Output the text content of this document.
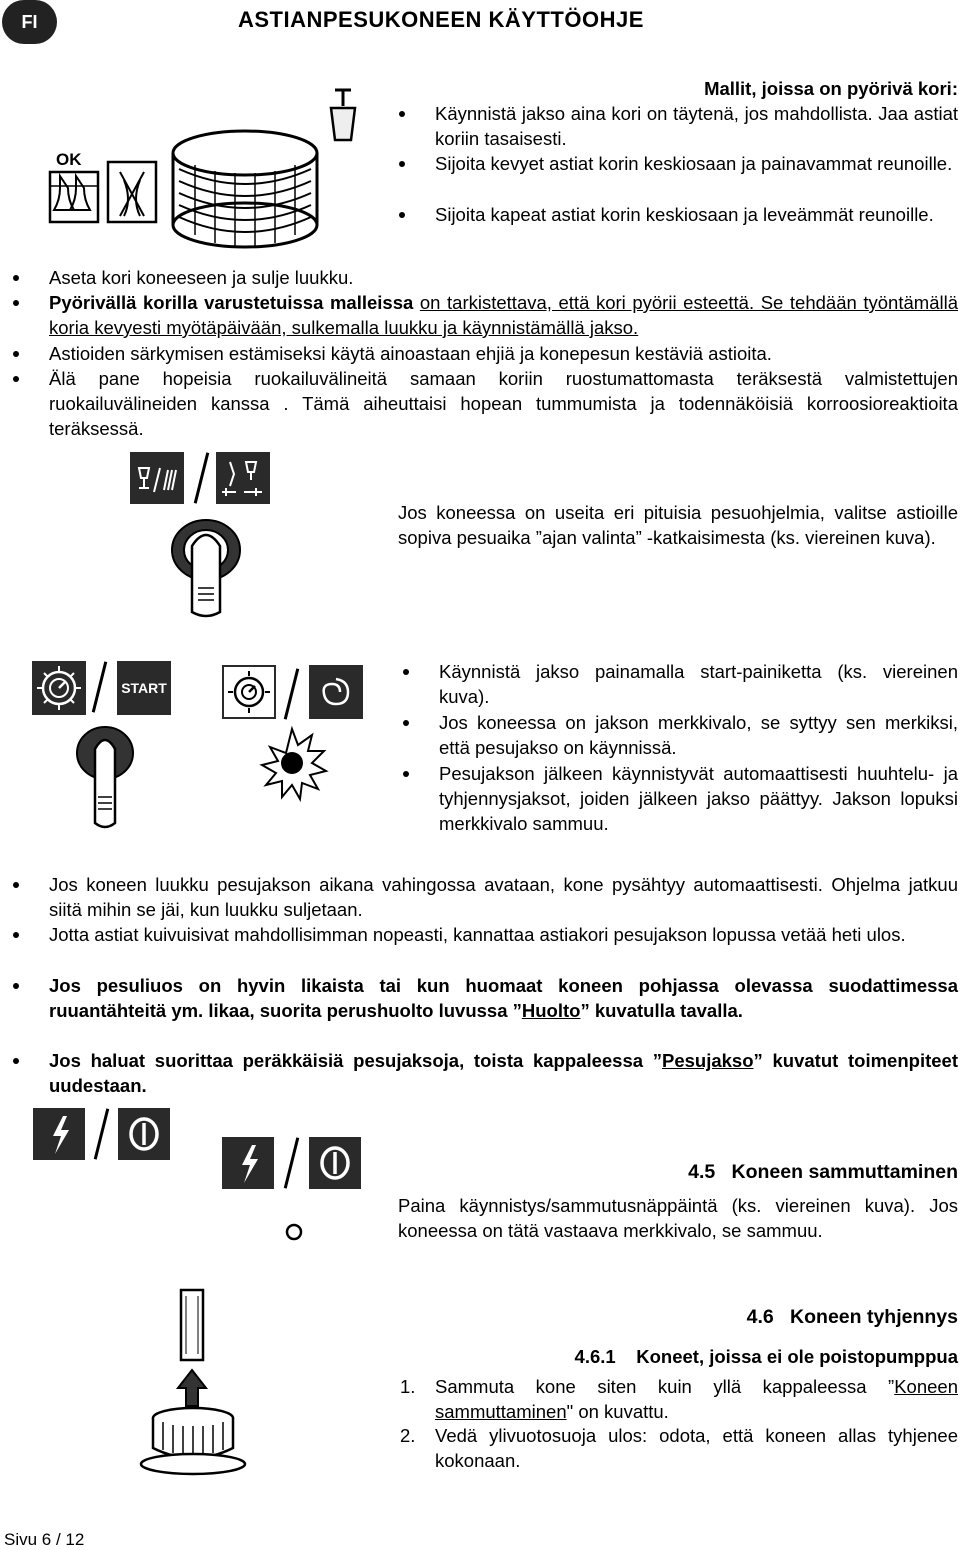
FI	ASTIANPESUKONEEN KÄYTTÖOHJE
OK
Mallit, joissa on pyörivä kori:
Käynnistä jakso aina kori on täytenä, jos mahdollista. Jaa astiat koriin tasaisesti.
Sijoita kevyet astiat korin keskiosaan ja painavammat reunoille.
Sijoita kapeat astiat korin keskiosaan ja leveämmät reunoille.
Aseta kori koneeseen ja sulje luukku.
Pyörivällä korilla varustetuissa malleissa on tarkistettava, että kori pyörii esteettä. Se tehdään työntämällä koria kevyesti myötäpäivään, sulkemalla luukku ja käynnistämällä jakso.
Astioiden särkymisen estämiseksi käytä ainoastaan ehjiä ja konepesun kestäviä astioita.
Älä pane hopeisia ruokailuvälineitä samaan koriin ruostumattomasta teräksestä valmistettujen ruokailuvälineiden kanssa . Tämä aiheuttaisi hopean tummumista ja todennäköisiä korroosioreaktioita teräksessä.
Jos koneessa on useita eri pituisia pesuohjelmia, valitse astioille sopiva pesuaika ”ajan valinta” -katkaisimesta (ks. viereinen kuva).
START
Käynnistä jakso painamalla start-painiketta (ks. viereinen kuva).
Jos koneessa on jakson merkkivalo, se syttyy sen merkiksi, että pesujakso on käynnissä.
Pesujakson jälkeen käynnistyvät automaattisesti huuhtelu- ja tyhjennysjaksot, joiden jälkeen jakso päättyy. Jakson lopuksi merkkivalo sammuu.
Jos koneen luukku pesujakson aikana vahingossa avataan, kone pysähtyy automaattisesti. Ohjelma jatkuu siitä mihin se jäi, kun luukku suljetaan.
Jotta astiat kuivuisivat mahdollisimman nopeasti, kannattaa astiakori pesujakson lopussa vetää heti ulos.
Jos pesuliuos on hyvin likaista tai kun huomaat koneen pohjassa olevassa suodattimessa ruuantähteitä ym. likaa, suorita perushuolto luvussa ”Huolto” kuvatulla tavalla.
Jos haluat suorittaa peräkkäisiä pesujaksoja, toista kappaleessa ”Pesujakso” kuvatut toimenpiteet uudestaan.
4.5 Koneen sammuttaminen
Paina käynnistys/sammutusnäppäintä (ks. viereinen kuva). Jos koneessa on tätä vastaava merkkivalo, se sammuu.
4.6 Koneen tyhjennys
4.6.1 Koneet, joissa ei ole poistopumppua
1. Sammuta kone siten kuin yllä kappaleessa ”Koneen sammuttaminen" on kuvattu.
2. Vedä ylivuotosuoja ulos: odota, että koneen allas tyhjenee kokonaan.
Sivu 6 / 12
